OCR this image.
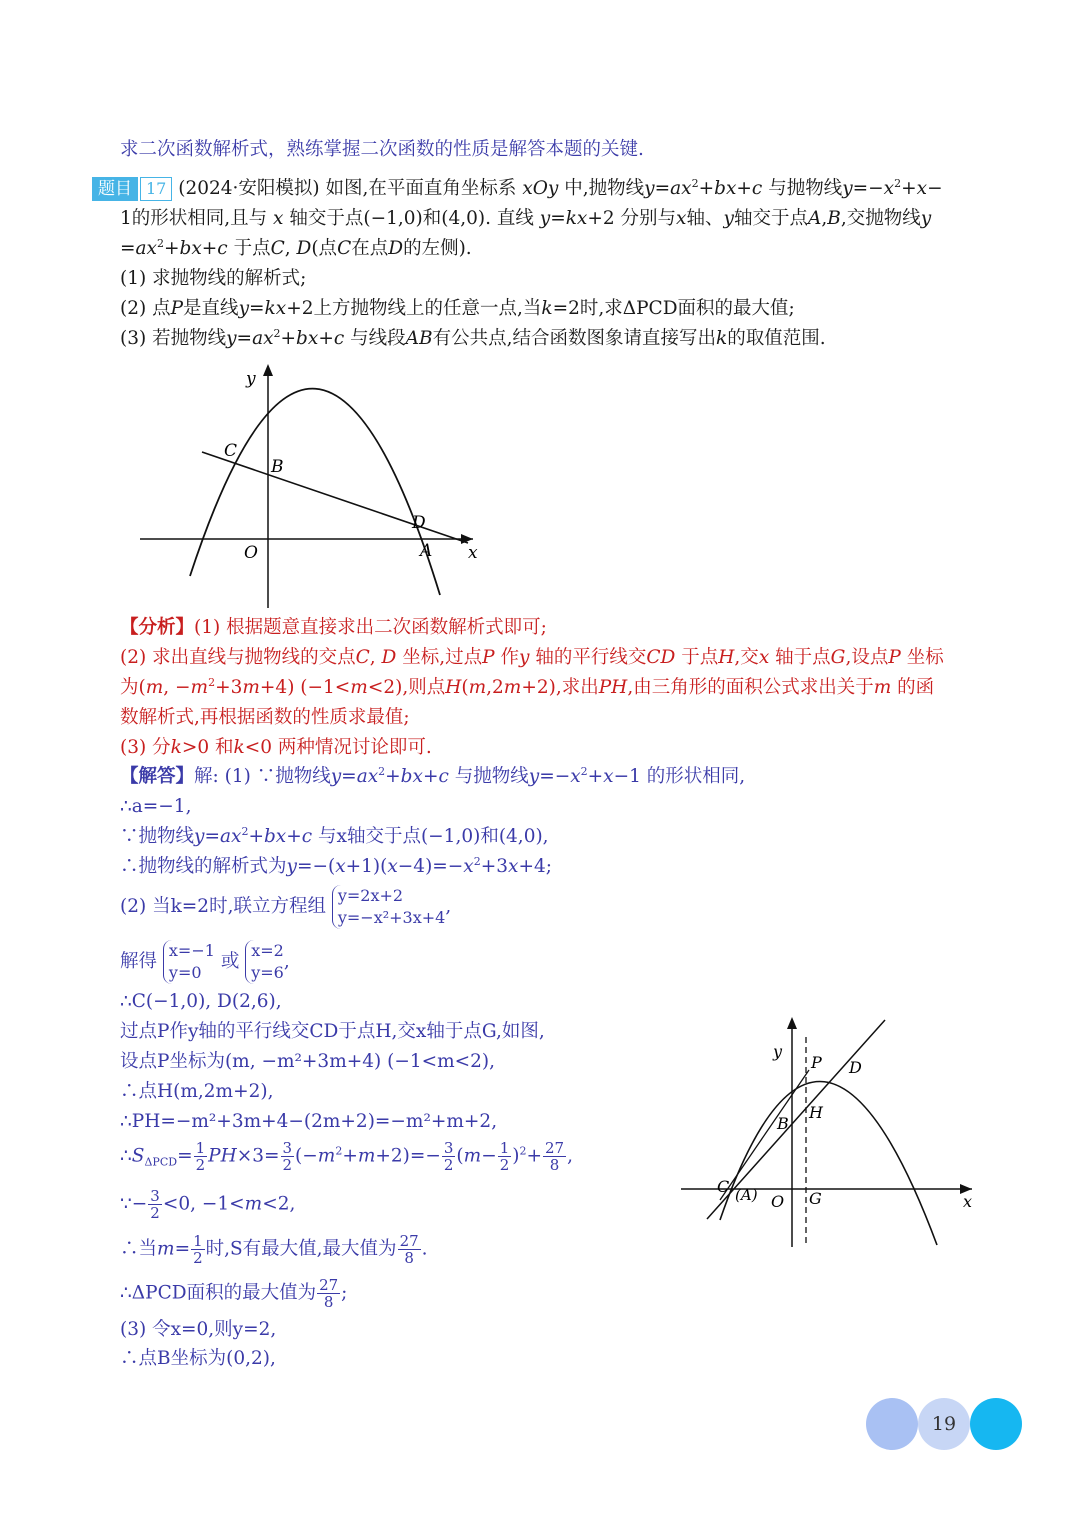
求二次函数解析式，熟练掌握二次函数的性质是解答本题的关键.
题目 17 (2024·安阳模拟) 如图,在平面直角坐标系 xOy 中,抛物线$y=ax^2+bx+c$ 与抛物线$y=-x^2+x-$
1的形状相同,且与 x 轴交于点(−1,0)和(4,0). 直线 y=kx+2 分别与x轴、y轴交于点A,B,交抛物线y
$=ax^2+bx+c$ 于点C, D(点C在点D的左侧).
(1) 求抛物线的解析式;
(2) 点P是直线y=kx+2上方抛物线上的任意一点,当k=2时,求ΔPCD面积的最大值;
(3) 若抛物线$y=ax^2+bx+c$ 与线段AB有公共点,结合函数图象请直接写出k的取值范围.
y
C
B
D
O	A x
【分析】(1) 根据题意直接求出二次函数解析式即可;
(2) 求出直线与抛物线的交点C, D 坐标,过点P 作y 轴的平行线交CD 于点H,交x 轴于点G,设点P 坐标
为(m, $-m^2+3m+4$) (−1<m<2),则点H(m,2m+2),求出PH,由三角形的面积公式求出关于m 的函
数解析式,再根据函数的性质求最值;
(3) 分k>0 和k<0 两种情况讨论即可.
【解答】解: (1) ∵抛物线$y=ax^2+bx+c$ 与抛物线$y=-x^2+x-1$ 的形状相同,
∴a=−1,
∵抛物线$y=ax^2+bx+c$ 与x轴交于点(−1,0)和(4,0),
∴抛物线的解析式为$y=-(x+1)(x-4)=-x^2+3x+4$;
(2) 当k=2时,联立方程组
y=2x+2
y=−x²+3x+4
,
解得
x=−1
y=0
或
x=2
y=6
,
∴C(−1,0), D(2,6),
过点P作y轴的平行线交CD于点H,交x轴于点G,如图,
设点P坐标为(m, −m²+3m+4) (−1<m<2),
∴点H(m,2m+2),
∴PH=−m²+3m+4−(2m+2)=−m²+m+2,
$\therefore S_{\Delta PCD}= \frac{1}{2} PH\times 3= \frac{3}{2} (-m^2+m+2)=- \frac{3}{2} (m- \frac{1}{2} )^2+ \frac{27}{8}$ ,
∵− $\frac{3}{2} <0$, −1<m<2,
∴当$m= \frac{1}{2}$ 时,S有最大值,最大值为 $\frac{27}{8}$ .
∴ΔPCD面积的最大值为 $\frac{27}{8}$ ;
(3) 令x=0,则y=2,
∴点B坐标为(0,2),
y
P D
B
H
C (A) O G	x
19
